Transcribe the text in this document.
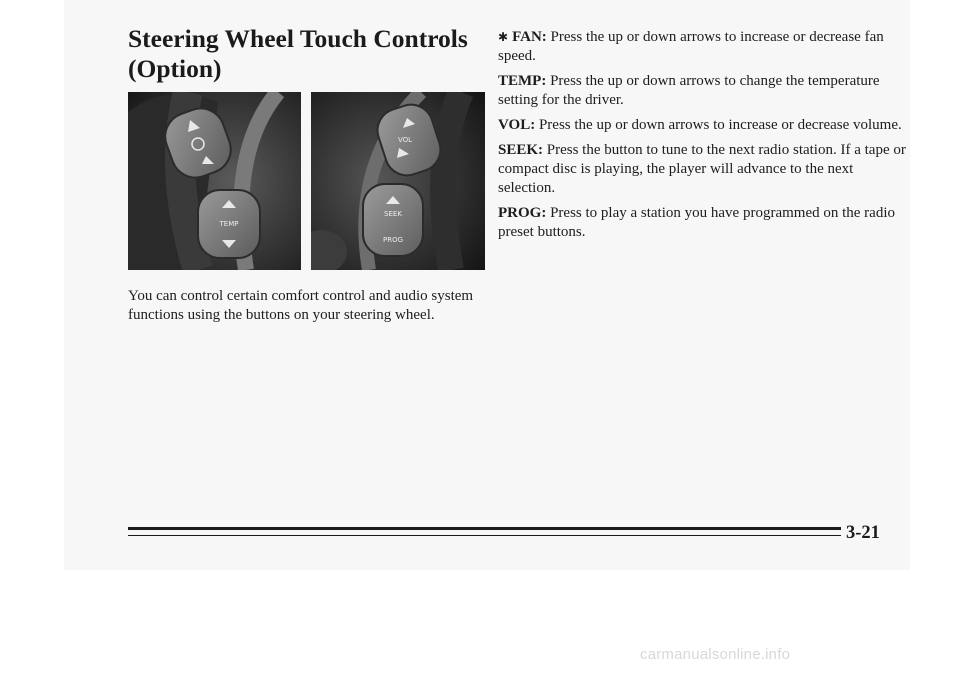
Steering Wheel Touch Controls
(Option)
TEMP
VOL
SEEK
PROG

You can control certain comfort control and audio system functions using the buttons on your steering wheel.

✱ FAN: Press the up or down arrows to increase or decrease fan speed.

TEMP: Press the up or down arrows to change the temperature setting for the driver.

VOL: Press the up or down arrows to increase or decrease volume.

SEEK: Press the button to tune to the next radio station. If a tape or compact disc is playing, the player will advance to the next selection.

PROG: Press to play a station you have programmed on the radio preset buttons.

3-21
carmanualsonline.info
